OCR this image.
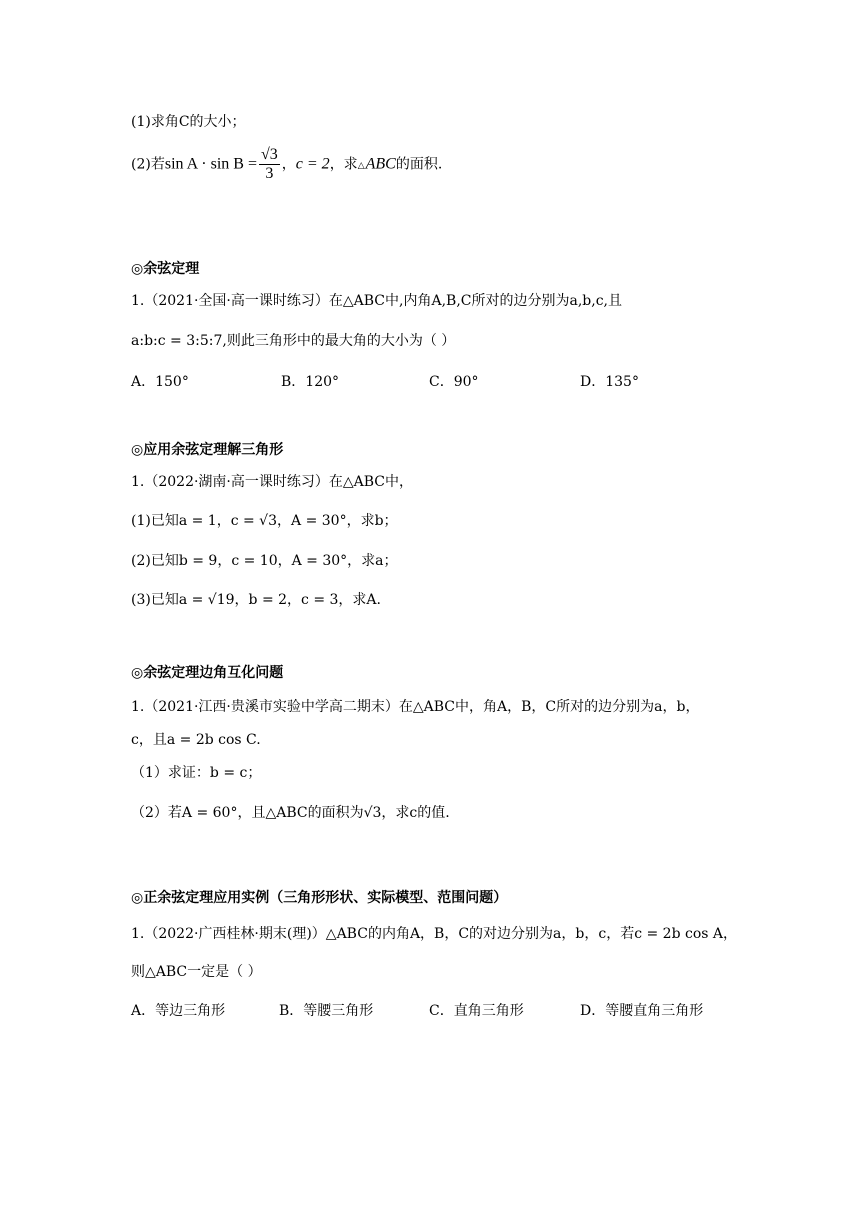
(1)求角C的大小；
(2)若$\sin A \cdot \sin B = \frac{√3}{3}$ ，c = 2，求△ABC的面积.
◎余弦定理
1.（2021·全国·高一课时练习）在△ABC中,内角A,B,C所对的边分别为a,b,c,且
a:b:c = 3:5:7,则此三角形中的最大角的大小为（ ）
A．150°	B．120°	C．90°	D．135°
◎应用余弦定理解三角形
1.（2022·湖南·高一课时练习）在△ABC中，
(1)已知a = 1，c = √3，A = 30°，求b；
(2)已知b = 9，c = 10，A = 30°，求a；
(3)已知a = √19，b = 2，c = 3，求A.
◎余弦定理边角互化问题
1.（2021·江西·贵溪市实验中学高二期末）在△ABC中，角A，B，C所对的边分别为a，b，
c，且a = 2b cos C.
（1）求证：b = c；
（2）若A = 60°，且△ABC的面积为√3，求c的值.
◎正余弦定理应用实例（三角形形状、实际模型、范围问题）
1.（2022·广西桂林·期末(理)）△ABC的内角A，B，C的对边分别为a，b，c，若c = 2b cos A，
则△ABC一定是（ ）
A．等边三角形	B．等腰三角形	C．直角三角形	D．等腰直角三角形
